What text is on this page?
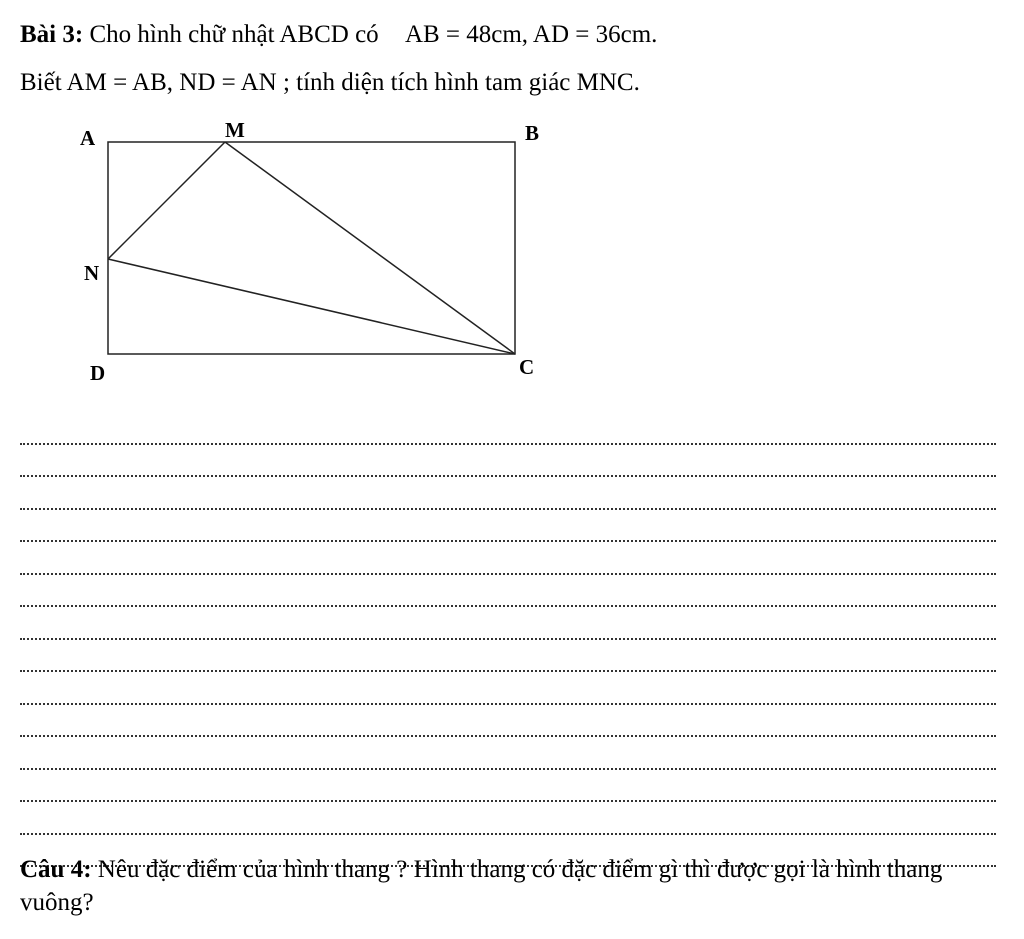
Bài 3: Cho hình chữ nhật ABCD có AB = 48cm, AD = 36cm.
Biết AM = AB, ND = AN ; tính diện tích hình tam giác MNC.
A	M	B
N
D	C
Câu 4: Nêu đặc điểm của hình thang ? Hình thang có đặc điểm gì thì được gọi là hình thang vuông?
